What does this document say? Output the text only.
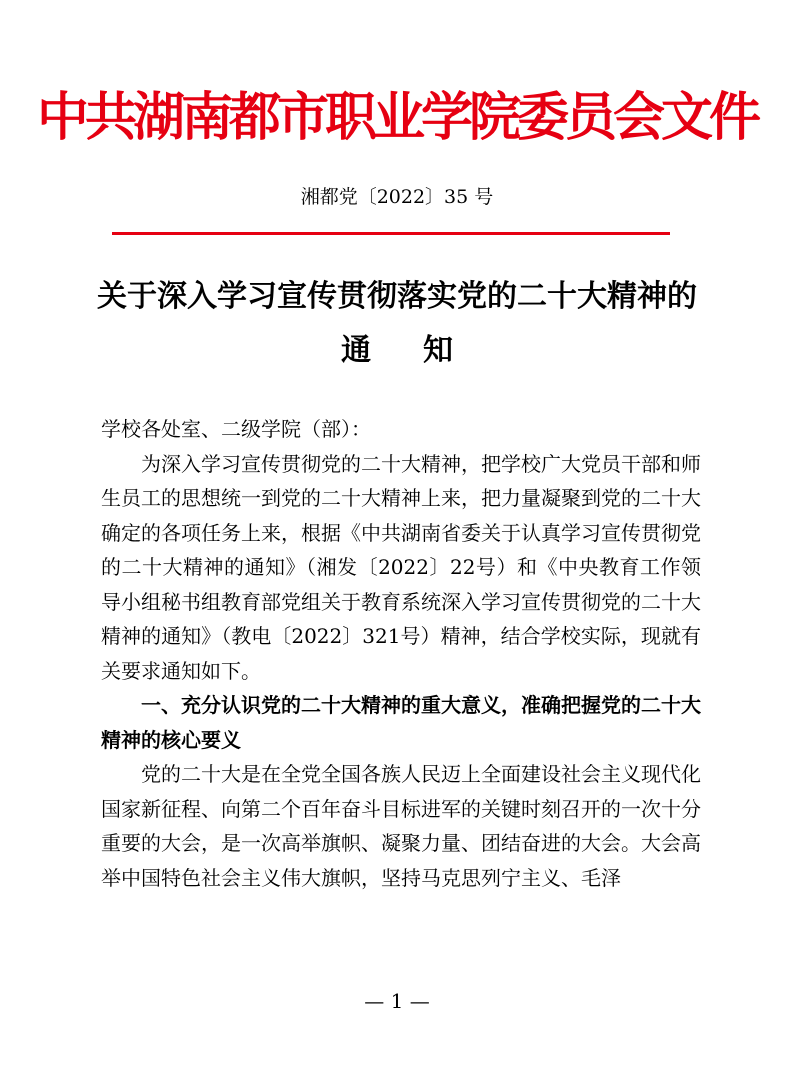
中共湖南都市职业学院委员会文件
湘都党〔2022〕35 号
关于深入学习宣传贯彻落实党的二十大精神的
通知

学校各处室、二级学院（部）：

为深入学习宣传贯彻党的二十大精神，把学校广大党员干部和师生员工的思想统一到党的二十大精神上来，把力量凝聚到党的二十大确定的各项任务上来，根据《中共湖南省委关于认真学习宣传贯彻党的二十大精神的通知》（湘发〔2022〕22号）和《中央教育工作领导小组秘书组教育部党组关于教育系统深入学习宣传贯彻党的二十大精神的通知》（教电〔2022〕321号）精神，结合学校实际，现就有关要求通知如下。

一、充分认识党的二十大精神的重大意义，准确把握党的二十大精神的核心要义

党的二十大是在全党全国各族人民迈上全面建设社会主义现代化国家新征程、向第二个百年奋斗目标进军的关键时刻召开的一次十分重要的大会，是一次高举旗帜、凝聚力量、团结奋进的大会。大会高举中国特色社会主义伟大旗帜，坚持马克思列宁主义、毛泽

— 1 —
